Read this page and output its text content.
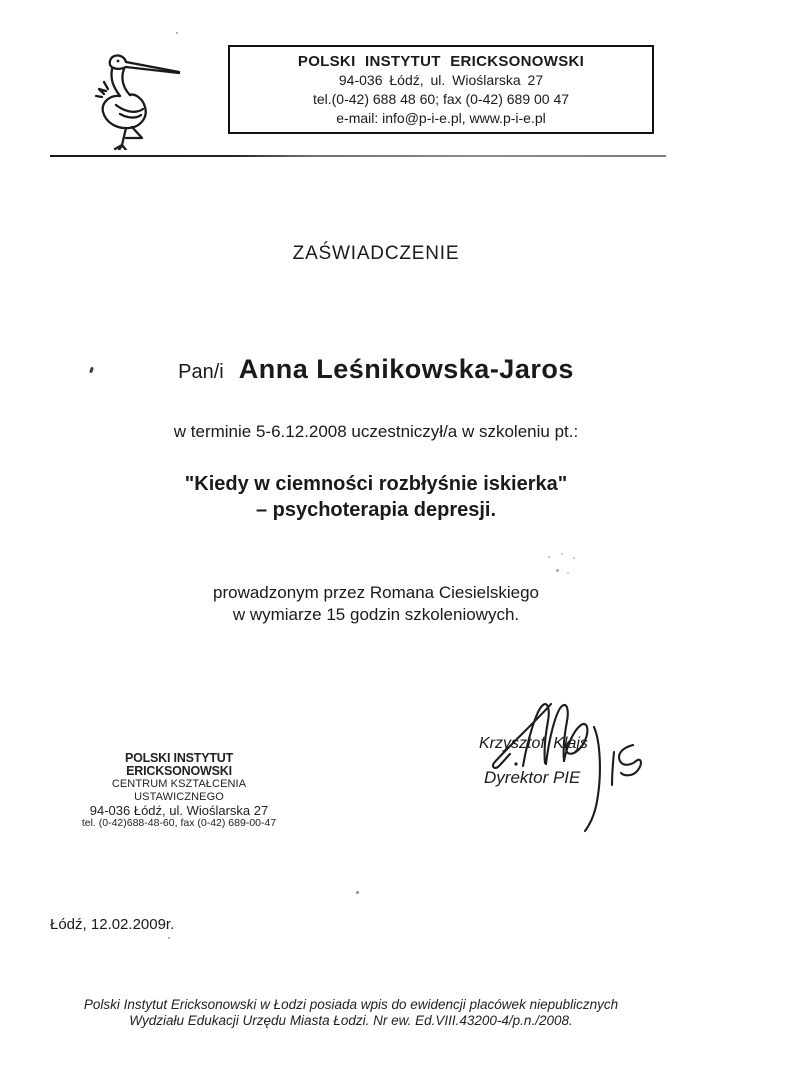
POLSKI INSTYTUT ERICKSONOWSKI
94-036 Łódź, ul. Wioślarska 27
tel.(0-42) 688 48 60; fax (0-42) 689 00 47
e-mail: info@p-i-e.pl, www.p-i-e.pl
ZAŚWIADCZENIE
Pan/i Anna Leśnikowska-Jaros
w terminie 5-6.12.2008 uczestniczył/a w szkoleniu pt.:
"Kiedy w ciemności rozbłyśnie iskierka"
– psychoterapia depresji.
prowadzonym przez Romana Ciesielskiego
w wymiarze 15 godzin szkoleniowych.
Krzysztof Klajs
Dyrektor PIE
POLSKI INSTYTUT ERICKSONOWSKI
CENTRUM KSZTAŁCENIA USTAWICZNEGO
94-036 Łódź, ul. Wioślarska 27
tel. (0-42)688-48-60, fax (0-42) 689-00-47
Łódź, 12.02.2009r.
Polski Instytut Ericksonowski w Łodzi posiada wpis do ewidencji placówek niepublicznych
Wydziału Edukacji Urzędu Miasta Łodzi. Nr ew. Ed.VIII.43200-4/p.n./2008.
